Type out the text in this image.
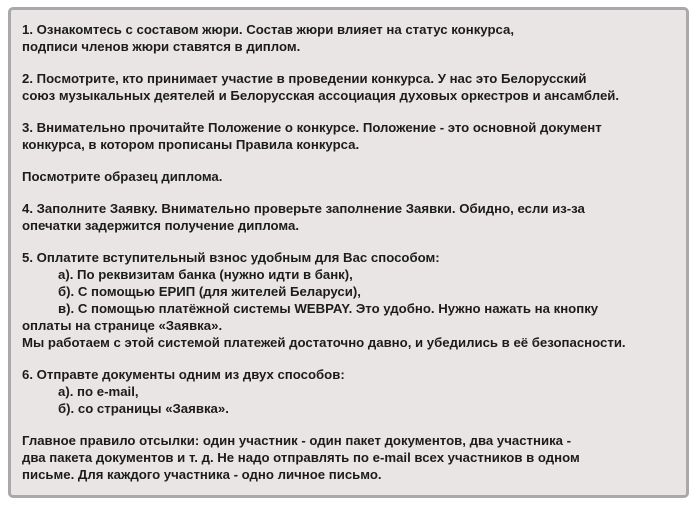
1. Ознакомтесь с составом жюри. Состав жюри влияет на статус конкурса,
подписи членов жюри ставятся в диплом.
2. Посмотрите, кто принимает участие в проведении конкурса. У нас это Белорусский
союз музыкальных деятелей и Белорусская ассоциация духовых оркестров и ансамблей.
3. Внимательно прочитайте Положение о конкурсе. Положение - это основной документ
конкурса, в котором прописаны Правила конкурса.
Посмотрите образец диплома.
4. Заполните Заявку. Внимательно проверьте заполнение Заявки. Обидно, если из-за
опечатки задержится получение диплома.
5. Оплатите вступительный взнос удобным для Вас способом:
а). По реквизитам банка (нужно идти в банк),
б). С помощью ЕРИП (для жителей Беларуси),
в). С помощью платёжной системы WEBPAY. Это удобно. Нужно нажать на кнопку
оплаты на странице «Заявка».
Мы работаем с этой системой платежей достаточно давно, и убедились в её безопасности.
6. Отправте документы одним из двух способов:
а). по e-mail,
б). со страницы «Заявка».
Главное правило отсылки: один участник - один пакет документов, два участника -
два пакета документов и т. д. Не надо отправлять по e-mail всех участников в одном
письме. Для каждого участника - одно личное письмо.
